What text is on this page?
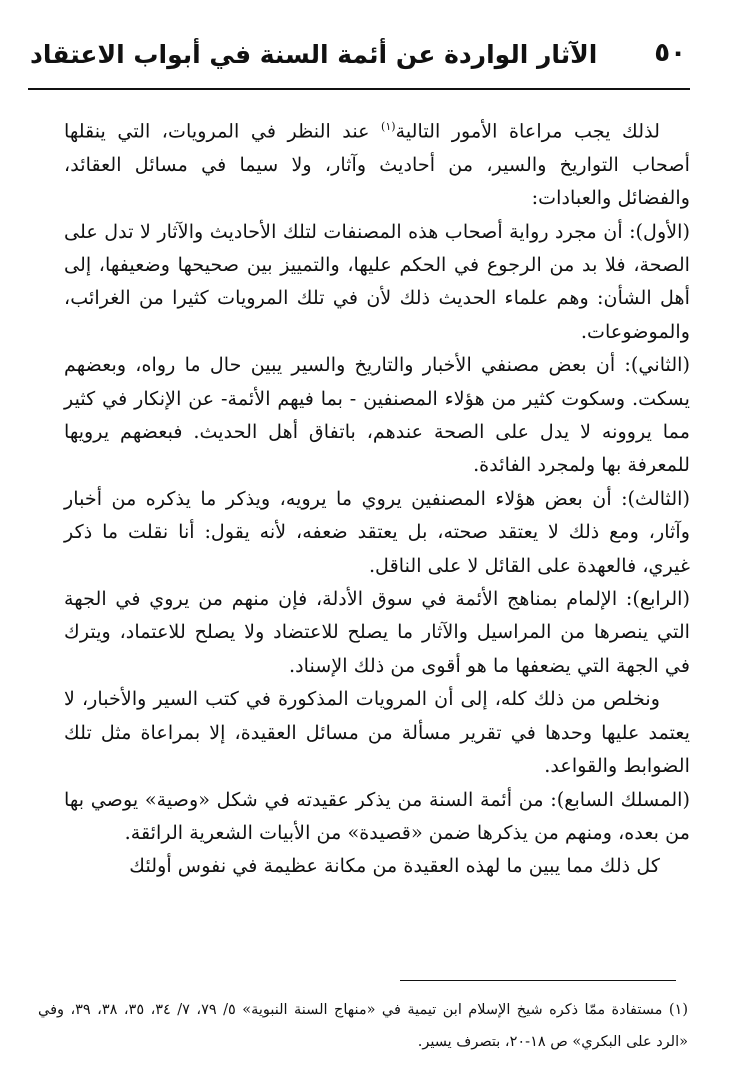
٥٠
الآثار الواردة عن أئمة السنة في أبواب الاعتقاد

لذلك يجب مراعاة الأمور التالية$^{(١)}$ عند النظر في المرويات، التي ينقلها أصحاب التواريخ والسير، من أحاديث وآثار، ولا سيما في مسائل العقائد، والفضائل والعبادات:

(الأول): أن مجرد رواية أصحاب هذه المصنفات لتلك الأحاديث والآثار لا تدل على الصحة، فلا بد من الرجوع في الحكم عليها، والتمييز بين صحيحها وضعيفها، إلى أهل الشأن: وهم علماء الحديث ذلك لأن في تلك المرويات كثيرا من الغرائب، والموضوعات.

(الثاني): أن بعض مصنفي الأخبار والتاريخ والسير يبين حال ما رواه، وبعضهم يسكت. وسكوت كثير من هؤلاء المصنفين - بما فيهم الأئمة- عن الإنكار في كثير مما يروونه لا يدل على الصحة عندهم، باتفاق أهل الحديث. فبعضهم يرويها للمعرفة بها ولمجرد الفائدة.

(الثالث): أن بعض هؤلاء المصنفين يروي ما يرويه، ويذكر ما يذكره من أخبار وآثار، ومع ذلك لا يعتقد صحته، بل يعتقد ضعفه، لأنه يقول: أنا نقلت ما ذكر غيري، فالعهدة على القائل لا على الناقل.

(الرابع): الإلمام بمناهج الأئمة في سوق الأدلة، فإن منهم من يروي في الجهة التي ينصرها من المراسيل والآثار ما يصلح للاعتضاد ولا يصلح للاعتماد، ويترك في الجهة التي يضعفها ما هو أقوى من ذلك الإسناد.

ونخلص من ذلك كله، إلى أن المرويات المذكورة في كتب السير والأخبار، لا يعتمد عليها وحدها في تقرير مسألة من مسائل العقيدة، إلا بمراعاة مثل تلك الضوابط والقواعد.

(المسلك السابع): من أئمة السنة من يذكر عقيدته في شكل «وصية» يوصي بها من بعده، ومنهم من يذكرها ضمن «قصيدة» من الأبيات الشعرية الرائقة.

كل ذلك مما يبين ما لهذه العقيدة من مكانة عظيمة في نفوس أولئك

(١) مستفادة ممّا ذكره شيخ الإسلام ابن تيمية في «منهاج السنة النبوية» ٥/ ٧٩، ٧/ ٣٤، ٣٥، ٣٨، ٣٩، وفي «الرد على البكري» ص ١٨-٢٠، بتصرف يسير.
